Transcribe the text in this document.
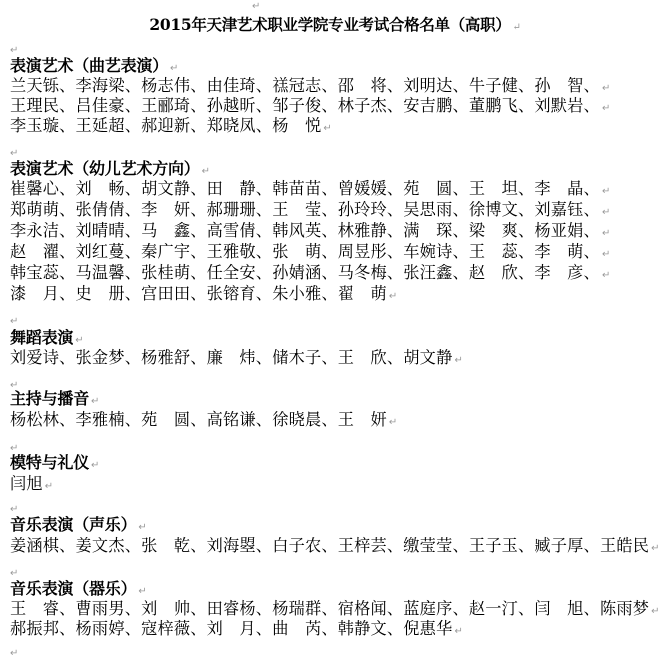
↵
2015年天津艺术职业学院专业考试合格名单（高职） ↵
↵
表演艺术（曲艺表演） ↵
兰天铄、李海梁、杨志伟、由佳琦、禚冠志、邵　将、刘明达、牛子健、孙　智、 ↵
王理民、吕佳豪、王郦琦、孙越昕、邹子俊、林子杰、安吉鹏、董鹏飞、刘默岩、 ↵
李玉璇、王延超、郝迎新、郑晓凤、杨　悦 ↵
↵
表演艺术（幼儿艺术方向） ↵
崔馨心、刘　畅、胡文静、田　静、韩苗苗、曾媛媛、苑　圆、王　坦、李　晶、 ↵
郑萌萌、张倩倩、李　妍、郝珊珊、王　莹、孙玲玲、吴思雨、徐博文、刘嘉钰、 ↵
李永洁、刘晴晴、马　鑫、高雪倩、韩风英、林雅静、满　琛、梁　爽、杨亚娟、 ↵
赵　濯、刘红蔓、秦广宇、王雅敬、张　萌、周昱彤、车婉诗、王　蕊、李　萌、 ↵
韩宝蕊、马温馨、张桂萌、任全安、孙婧涵、马冬梅、张汪鑫、赵　欣、李　彦、 ↵
漆　月、史　册、宫田田、张镕育、朱小雅、翟　萌 ↵
↵
舞蹈表演 ↵
刘爱诗、张金梦、杨雅舒、廉　炜、储木子、王　欣、胡文静 ↵
↵
主持与播音 ↵
杨松林、李雅楠、苑　圆、高铭谦、徐晓晨、王　妍 ↵
↵
模特与礼仪 ↵
闫旭 ↵
↵
音乐表演（声乐） ↵
姜涵棋、姜文杰、张　乾、刘海曌、白子农、王梓芸、缴莹莹、王子玉、臧子厚、王皓民 ↵
↵
音乐表演（器乐） ↵
王　睿、曹雨男、刘　帅、田睿杨、杨瑞群、宿格闻、蓝庭序、赵一汀、闫　旭、陈雨梦 ↵
郝振邦、杨雨婷、寇梓薇、刘　月、曲　芮、韩静文、倪惠华 ↵
↵
